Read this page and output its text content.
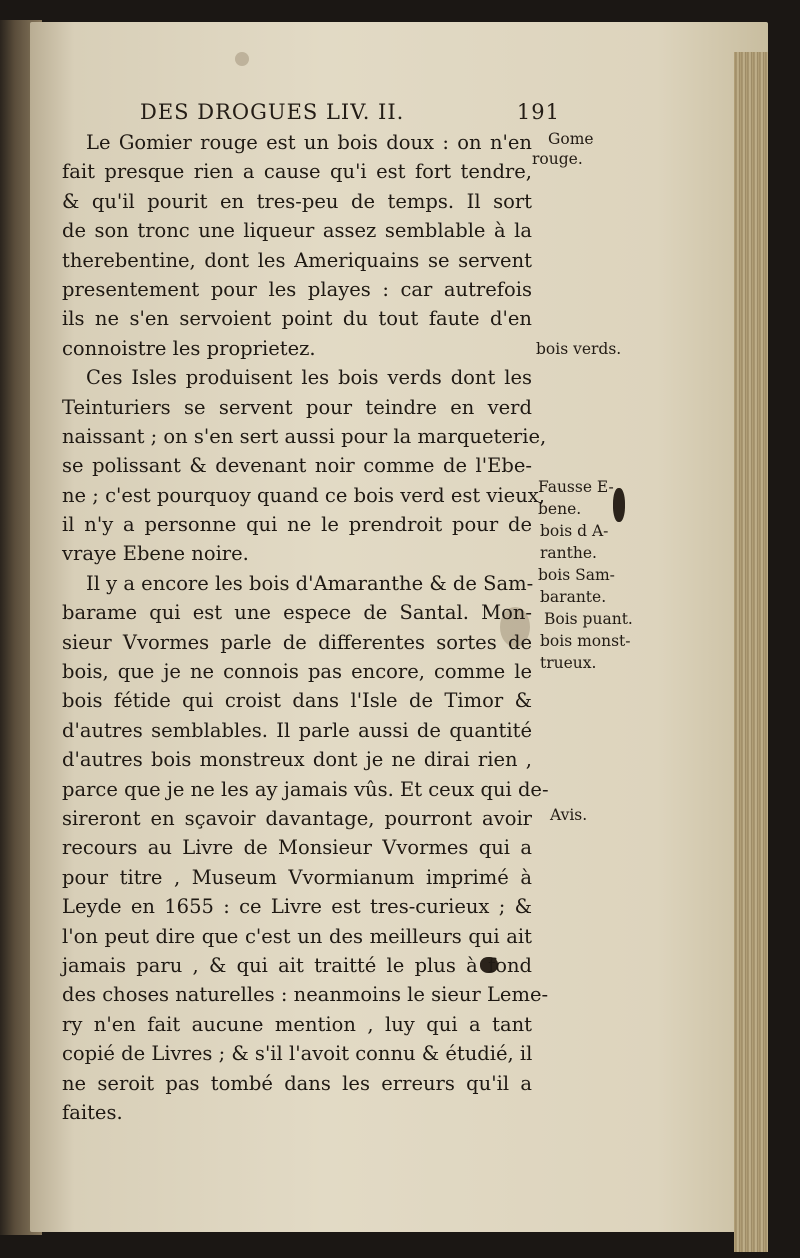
DES DROGUES LIV. II.	191
Le Gomier rouge est un bois doux : on n'en
fait presque rien a cause qu'i est fort tendre,
& qu'il pourit en tres-peu de temps. Il sort
de son tronc une liqueur assez semblable à la
therebentine, dont les Ameriquains se servent
presentement pour les playes : car autrefois
ils ne s'en servoient point du tout faute d'en
connoistre les proprietez.
Ces Isles produisent les bois verds dont les
Teinturiers se servent pour teindre en verd
naissant ; on s'en sert aussi pour la marqueterie,
se polissant & devenant noir comme de l'Ebe-
ne ; c'est pourquoy quand ce bois verd est vieux,
il n'y a personne qui ne le prendroit pour de
vraye Ebene noire.
Il y a encore les bois d'Amaranthe & de Sam-
barame qui est une espece de Santal. Mon-
sieur Vvormes parle de differentes sortes de
bois, que je ne connois pas encore, comme le
bois fétide qui croist dans l'Isle de Timor &
d'autres semblables. Il parle aussi de quantité
d'autres bois monstreux dont je ne dirai rien ,
parce que je ne les ay jamais vûs. Et ceux qui de-
sireront en sçavoir davantage, pourront avoir
recours au Livre de Monsieur Vvormes qui a
pour titre , Museum Vvormianum imprimé à
Leyde en 1655 : ce Livre est tres-curieux ; &
l'on peut dire que c'est un des meilleurs qui ait
jamais paru , & qui ait traitté le plus à fond
des choses naturelles : neanmoins le sieur Leme-
ry n'en fait aucune mention , luy qui a tant
copié de Livres ; & s'il l'avoit connu & étudié, il
ne seroit pas tombé dans les erreurs qu'il a
faites.
Gome
rouge.
bois verds.
Fausse E-
bene.
bois d A-
ranthe.
bois Sam-
barante.
Bois puant.
bois monst-
trueux.
Avis.
